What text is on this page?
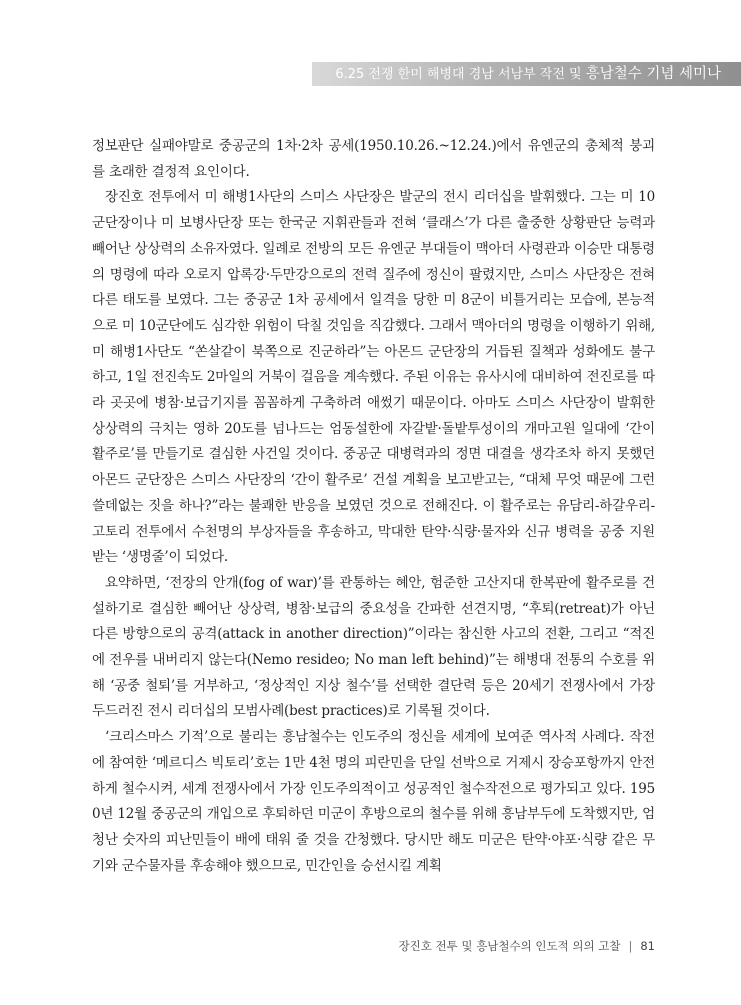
6.25 전쟁 한미 해병대 경남 서남부 작전 및 흥남철수 기념 세미나

정보판단 실패야말로 중공군의 1차·2차 공세(1950.10.26.~12.24.)에서 유엔군의 총체적 붕괴를 초래한 결정적 요인이다.

장진호 전투에서 미 해병1사단의 스미스 사단장은 발군의 전시 리더십을 발휘했다. 그는 미 10군단장이나 미 보병사단장 또는 한국군 지휘관들과 전혀 ‘클래스’가 다른 출중한 상황판단 능력과 빼어난 상상력의 소유자였다. 일례로 전방의 모든 유엔군 부대들이 맥아더 사령관과 이승만 대통령의 명령에 따라 오로지 압록강·두만강으로의 전력 질주에 정신이 팔렸지만, 스미스 사단장은 전혀 다른 태도를 보였다. 그는 중공군 1차 공세에서 일격을 당한 미 8군이 비틀거리는 모습에, 본능적으로 미 10군단에도 심각한 위험이 닥칠 것임을 직감했다. 그래서 맥아더의 명령을 이행하기 위해, 미 해병1사단도 “쏜살같이 북쪽으로 진군하라”는 아몬드 군단장의 거듭된 질책과 성화에도 불구하고, 1일 전진속도 2마일의 거북이 걸음을 계속했다. 주된 이유는 유사시에 대비하여 전진로를 따라 곳곳에 병참·보급기지를 꼼꼼하게 구축하려 애썼기 때문이다. 아마도 스미스 사단장이 발휘한 상상력의 극치는 영하 20도를 넘나드는 엄동설한에 자갈밭·돌밭투성이의 개마고원 일대에 ‘간이 활주로’를 만들기로 결심한 사건일 것이다. 중공군 대병력과의 정면 대결을 생각조차 하지 못했던 아몬드 군단장은 스미스 사단장의 ‘간이 활주로’ 건설 계획을 보고받고는, “대체 무엇 때문에 그런 쓸데없는 짓을 하나?”라는 불쾌한 반응을 보였던 것으로 전해진다. 이 활주로는 유담리-하갈우리-고토리 전투에서 수천명의 부상자들을 후송하고, 막대한 탄약·식량·물자와 신규 병력을 공중 지원받는 ‘생명줄’이 되었다.

요약하면, ‘전장의 안개(fog of war)’를 관통하는 혜안, 험준한 고산지대 한복판에 활주로를 건설하기로 결심한 빼어난 상상력, 병참·보급의 중요성을 간파한 선견지명, “후퇴(retreat)가 아닌 다른 방향으로의 공격(attack in another direction)”이라는 참신한 사고의 전환, 그리고 “적진에 전우를 내버리지 않는다(Nemo resideo; No man left behind)”는 해병대 전통의 수호를 위해 ‘공중 철퇴’를 거부하고, ‘정상적인 지상 철수’를 선택한 결단력 등은 20세기 전쟁사에서 가장 두드러진 전시 리더십의 모범사례(best practices)로 기록될 것이다.

‘크리스마스 기적’으로 불리는 흥남철수는 인도주의 정신을 세계에 보여준 역사적 사례다. 작전에 참여한 ‘메르디스 빅토리’호는 1만 4천 명의 피란민을 단일 선박으로 거제시 장승포항까지 안전하게 철수시켜, 세계 전쟁사에서 가장 인도주의적이고 성공적인 철수작전으로 평가되고 있다. 1950년 12월 중공군의 개입으로 후퇴하던 미군이 후방으로의 철수를 위해 흥남부두에 도착했지만, 엄청난 숫자의 피난민들이 배에 태워 줄 것을 간청했다. 당시만 해도 미군은 탄약·야포·식량 같은 무기와 군수물자를 후송해야 했으므로, 민간인을 승선시킬 계획

장진호 전투 및 흥남철수의 인도적 의의 고찰 | 81
